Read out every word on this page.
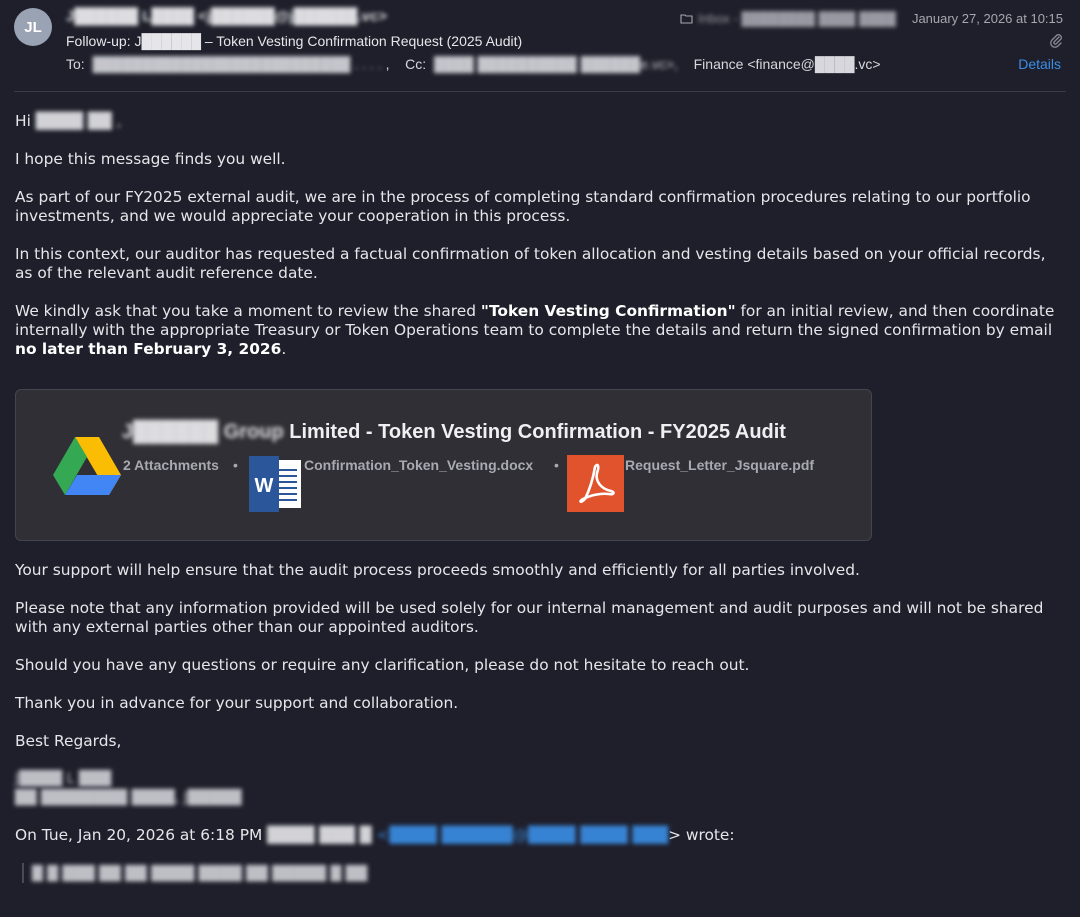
JL
J██████ L████ <j██████@j██████.vc>
Follow-up: J██████ – Token Vesting Confirmation Request (2025 Audit)
To: ██████████████████████████ . . . . , Cc: ████ ██████████ ██████e.vc>, Finance <finance@████.vc>
Inbox - ████████ ████ ████ January 27, 2026 at 10:15
Details

Hi ████ ██ ,

I hope this message finds you well.

As part of our FY2025 external audit, we are in the process of completing standard confirmation procedures relating to our portfolio investments, and we would appreciate your cooperation in this process.

In this context, our auditor has requested a factual confirmation of token allocation and vesting details based on your official records, as of the relevant audit reference date.

We kindly ask that you take a moment to review the shared "Token Vesting Confirmation" for an initial review, and then coordinate internally with the appropriate Treasury or Token Operations team to complete the details and return the signed confirmation by email no later than February 3, 2026.

J██████ Group Limited - Token Vesting Confirmation - FY2025 Audit
2 Attachments •
W
Confirmation_Token_Vesting.docx •	Request_Letter_Jsquare.pdf

Your support will help ensure that the audit process proceeds smoothly and efficiently for all parties involved.

Please note that any information provided will be used solely for our internal management and audit purposes and will not be shared with any external parties other than our appointed auditors.

Should you have any questions or require any clarification, please do not hesitate to reach out.

Thank you in advance for your support and collaboration.

Best Regards,

J████ L ███
██ ████████ ████, J█████
On Tue, Jan 20, 2026 at 6:18 PM ████ ███ █ <████ ██████@████ ████ ███> wrote:
█ █ ███ ██ ██ ████ ████ ██ █████ █ ██
